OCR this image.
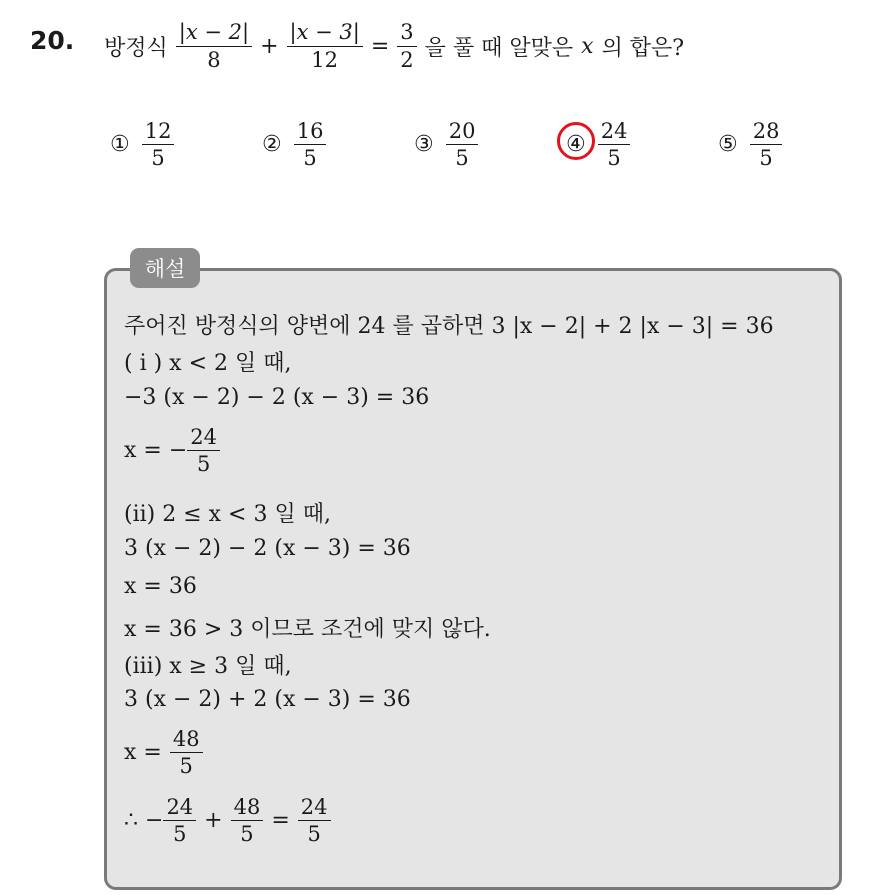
20. 방정식 $\frac{|x - 2|}{8} + \frac{|x - 3|}{12} = \frac{3}{2}$ 을 풀 때 알맞은 x 의 합은?
① $\frac{12}{5}$	② $\frac{16}{5}$	③ $\frac{20}{5}$	④ $\frac{24}{5}$	⑤ $\frac{28}{5}$
해설
주어진 방정식의 양변에 24 를 곱하면 3 |x − 2| + 2 |x − 3| = 36
( i ) x < 2 일 때,
−3 (x − 2) − 2 (x − 3) = 36
x = − $\frac{24}{5}$
(ii) 2 ≤ x < 3 일 때,
3 (x − 2) − 2 (x − 3) = 36
x = 36
x = 36 > 3 이므로 조건에 맞지 않다.
(iii) x ≥ 3 일 때,
3 (x − 2) + 2 (x − 3) = 36
$x = \frac{48}{5}$
∴ − $\frac{24}{5} + \frac{48}{5} = \frac{24}{5}$
